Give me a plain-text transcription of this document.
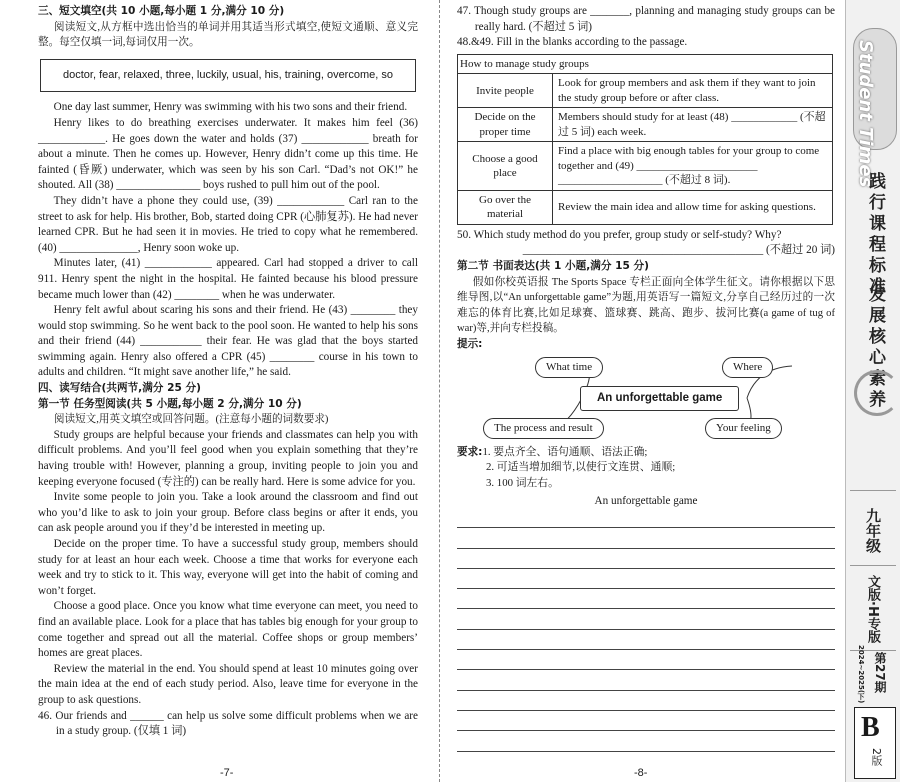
三、短文填空(共 10 小题,每小题 1 分,满分 10 分)

阅读短文,从方框中选出恰当的单词并用其适当形式填空,使短文通顺、意义完整。每空仅填一词,每词仅用一次。

doctor, fear, relaxed, three, luckily, usual, his, training, overcome, so

One day last summer, Henry was swimming with his two sons and their friend.

Henry likes to do breathing exercises underwater. It makes him feel (36) ____________. He goes down the water and holds (37) ____________ breath for about a minute. Then he comes up. However, Henry didn’t come up this time. He fainted (昏厥) underwater, which was seen by his son Carl. “Dad’s not OK!” he shouted. All (38) _______________ boys rushed to pull him out of the pool.

They didn’t have a phone they could use, (39) ____________ Carl ran to the street to ask for help. His brother, Bob, started doing CPR (心肺复苏). He had never learned CPR. But he had seen it in movies. He tried to copy what he remembered. (40) ______________, Henry soon woke up.

Minutes later, (41) ____________ appeared. Carl had stopped a driver to call 911. Henry spent the night in the hospital. He fainted because his blood pressure became much lower than (42) ________ when he was underwater.

Henry felt awful about scaring his sons and their friend. He (43) ________ they would stop swimming. So he went back to the pool soon. He wanted to help his sons and their friend (44) ___________ their fear. He was glad that the boys started swimming again. Henry also offered a CPR (45) ________ course in his town to adults and children. “It might save another life,” he said.

四、读写结合(共两节,满分 25 分)
第一节 任务型阅读(共 5 小题,每小题 2 分,满分 10 分)

阅读短文,用英文填空或回答问题。(注意每小题的词数要求)

Study groups are helpful because your friends and classmates can help you with difficult problems. And you’ll feel good when you explain something that they’re having trouble with! However, planning a group, inviting people to join you and keeping everyone focused (专注的) can be really hard. Here is some advice for you.

Invite some people to join you. Take a look around the classroom and find out who you’d like to ask to join your group. Before class begins or after it ends, you can ask people around you if they’d be interested in meeting up.

Decide on the proper time. To have a successful study group, members should study for at least an hour each week. Choose a time that works for everyone each week and try to stick to it. This way, everyone will get into the habit of coming and won’t forget.

Choose a good place. Once you know what time everyone can meet, you need to find an available place. Look for a place that has tables big enough for your group to come together and spread out all the material. Coffee shops or group members’ homes are great places.

Review the material in the end. You should spend at least 10 minutes going over the main idea at the end of each study period. Also, leave time for everyone in the group to ask questions.

46. Our friends and ______ can help us solve some difficult problems when we are in a study group. (仅填 1 词)

-7-

47. Though study groups are _______, planning and managing study groups can be really hard. (不超过 5 词)

48.&49. Fill in the blanks according to the passage.

How to manage study groups	
Invite people	Look for group members and ask them if they want to join the study group before or after class.
Decide on the proper time	Members should study for at least (48) ____________ (不超过 5 词) each week.
Choose a good place	Find a place with big enough tables for your group to come together and (49) ______________________ ___________________ (不超过 8 词).
Go over the material	Review the main idea and allow time for asking questions.

50. Which study method do you prefer, group study or self-study? Why?

___________________________________________ (不超过 20 词)

第二节 书面表达(共 1 小题,满分 15 分)

假如你校英语报 The Sports Space 专栏正面向全体学生征文。请你根据以下思维导图,以“An unforgettable game”为题,用英语写一篇短文,分享自己经历过的一次难忘的体育比赛,比如足球赛、篮球赛、跳高、跑步、拔河比赛(a game of tug of war)等,并向专栏投稿。

提示:
What time	Where
An unforgettable game
The process and result	Your feeling
要求:1. 要点齐全、语句通顺、语法正确;
2. 可适当增加细节,以使行文连贯、通顺;
3. 100 词左右。
An unforgettable game
-8-
Student Times
践行课程标准
发展核心素养
九年级
文版·H专版
第27期
2024~2025(下)
B
2版
